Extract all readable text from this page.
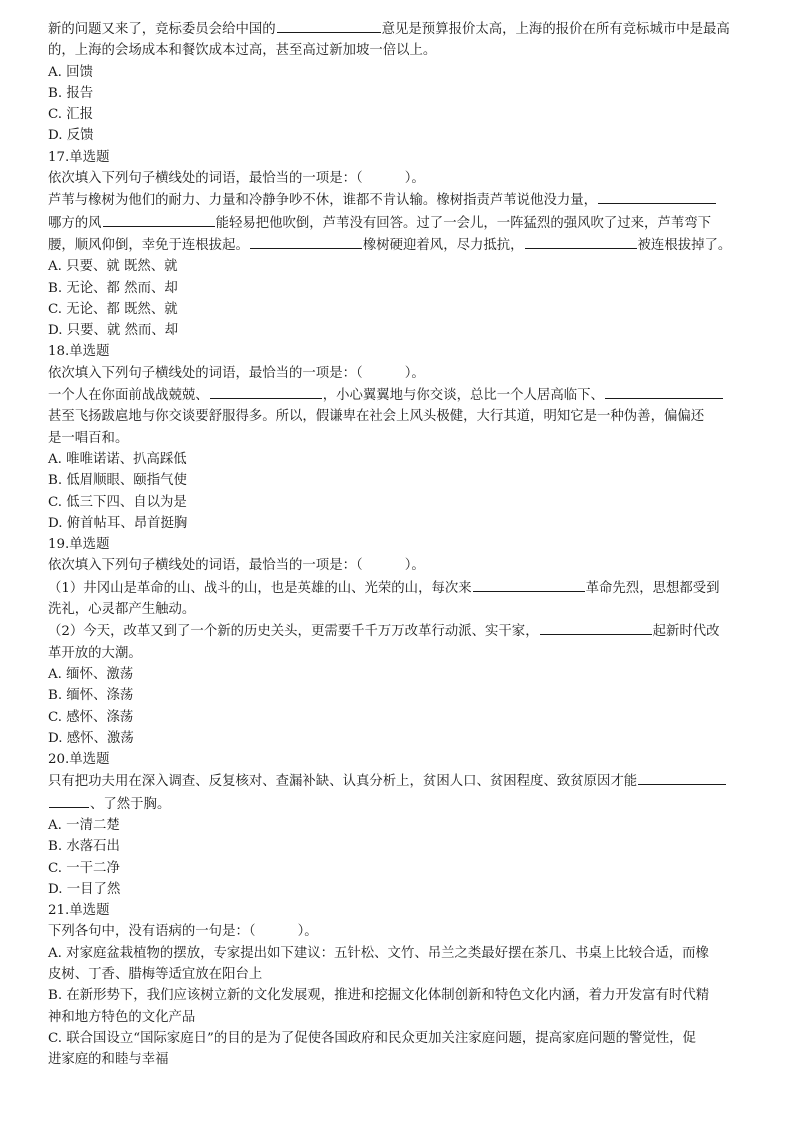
新的问题又来了，竞标委员会给中国的	意见是预算报价太高，上海的报价在所有竞标城市中是最高
的，上海的会场成本和餐饮成本过高，甚至高过新加坡一倍以上。
A. 回馈
B. 报告
C. 汇报
D. 反馈
17.单选题
依次填入下列句子横线处的词语，最恰当的一项是：（	）。
芦苇与橡树为他们的耐力、力量和冷静争吵不休，谁都不肯认输。橡树指责芦苇说他没力量，
哪方的风	能轻易把他吹倒，芦苇没有回答。过了一会儿，一阵猛烈的强风吹了过来，芦苇弯下
腰，顺风仰倒，幸免于连根拔起。	橡树硬迎着风，尽力抵抗，	被连根拔掉了。
A. 只要、就 既然、就
B. 无论、都 然而、却
C. 无论、都 既然、就
D. 只要、就 然而、却
18.单选题
依次填入下列句子横线处的词语，最恰当的一项是：（	）。
一个人在你面前战战兢兢、	，小心翼翼地与你交谈，总比一个人居高临下、
甚至飞扬跋扈地与你交谈要舒服得多。所以，假谦卑在社会上风头极健，大行其道，明知它是一种伪善，偏偏还
是一唱百和。
A. 唯唯诺诺、扒高踩低
B. 低眉顺眼、颐指气使
C. 低三下四、自以为是
D. 俯首帖耳、昂首挺胸
19.单选题
依次填入下列句子横线处的词语，最恰当的一项是：（	）。
（1）井冈山是革命的山、战斗的山，也是英雄的山、光荣的山，每次来	革命先烈，思想都受到
洗礼，心灵都产生触动。
（2）今天，改革又到了一个新的历史关头，更需要千千万万改革行动派、实干家，	起新时代改
革开放的大潮。
A. 缅怀、激荡
B. 缅怀、涤荡
C. 感怀、涤荡
D. 感怀、激荡
20.单选题
只有把功夫用在深入调查、反复核对、查漏补缺、认真分析上，贫困人口、贫困程度、致贫原因才能
、了然于胸。
A. 一清二楚
B. 水落石出
C. 一干二净
D. 一目了然
21.单选题
下列各句中，没有语病的一句是：（	）。
A. 对家庭盆栽植物的摆放，专家提出如下建议：五针松、文竹、吊兰之类最好摆在茶几、书桌上比较合适，而橡
皮树、丁香、腊梅等适宜放在阳台上
B. 在新形势下，我们应该树立新的文化发展观，推进和挖掘文化体制创新和特色文化内涵，着力开发富有时代精
神和地方特色的文化产品
C. 联合国设立“国际家庭日”的目的是为了促使各国政府和民众更加关注家庭问题，提高家庭问题的警觉性，促
进家庭的和睦与幸福
